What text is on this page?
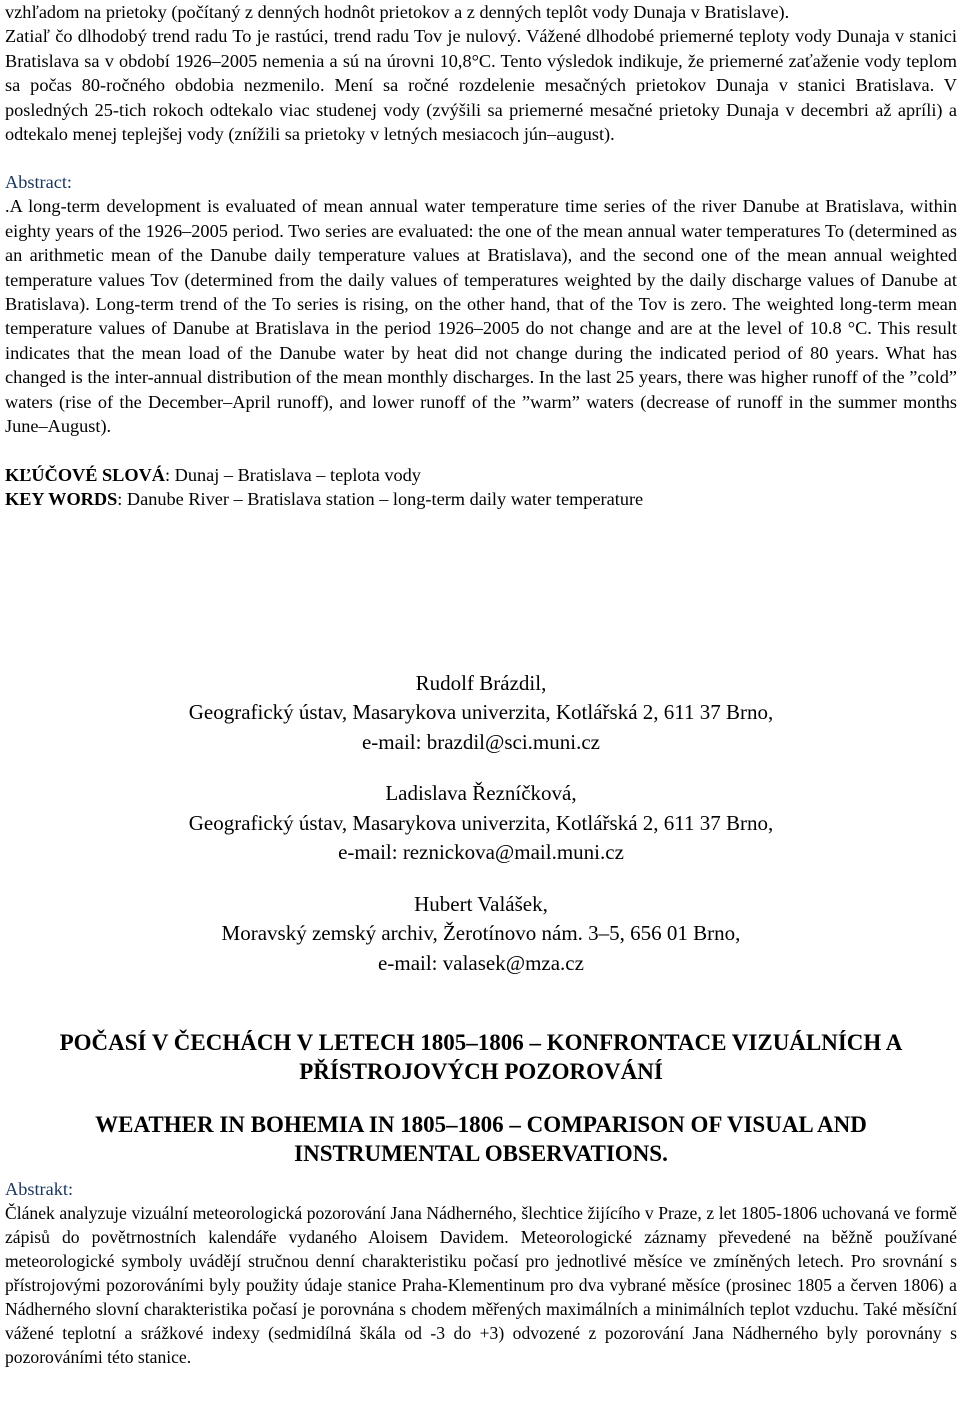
vzhľadom na prietoky (počítaný z denných hodnôt prietokov a z denných teplôt vody Dunaja v Bratislave).

Zatiaľ čo dlhodobý trend radu To je rastúci, trend radu Tov je nulový. Vážené dlhodobé priemerné teploty vody Dunaja v stanici Bratislava sa v období 1926–2005 nemenia a sú na úrovni 10,8°C. Tento výsledok indikuje, že priemerné zaťaženie vody teplom sa počas 80-ročného obdobia nezmenilo. Mení sa ročné rozdelenie mesačných prietokov Dunaja v stanici Bratislava. V posledných 25-tich rokoch odtekalo viac studenej vody (zvýšili sa priemerné mesačné prietoky Dunaja v decembri až apríli) a odtekalo menej teplejšej vody (znížili sa prietoky v letných mesiacoch jún–august).

Abstract:

.A long-term development is evaluated of mean annual water temperature time series of the river Danube at Bratislava, within eighty years of the 1926–2005 period. Two series are evaluated: the one of the mean annual water temperatures To (determined as an arithmetic mean of the Danube daily temperature values at Bratislava), and the second one of the mean annual weighted temperature values Tov (determined from the daily values of temperatures weighted by the daily discharge values of Danube at Bratislava). Long-term trend of the To series is rising, on the other hand, that of the Tov is zero. The weighted long-term mean temperature values of Danube at Bratislava in the period 1926–2005 do not change and are at the level of 10.8 °C. This result indicates that the mean load of the Danube water by heat did not change during the indicated period of 80 years. What has changed is the inter-annual distribution of the mean monthly discharges. In the last 25 years, there was higher runoff of the ”cold” waters (rise of the December–April runoff), and lower runoff of the ”warm” waters (decrease of runoff in the summer months June–August).

KĽÚČOVÉ SLOVÁ: Dunaj – Bratislava – teplota vody

KEY WORDS: Danube River – Bratislava station – long-term daily water temperature

Rudolf Brázdil,

Geografický ústav, Masarykova univerzita, Kotlářská 2, 611 37 Brno,

e-mail: brazdil@sci.muni.cz

Ladislava Řezníčková,

Geografický ústav, Masarykova univerzita, Kotlářská 2, 611 37 Brno,

e-mail: reznickova@mail.muni.cz

Hubert Valášek,

Moravský zemský archiv, Žerotínovo nám. 3–5, 656 01 Brno,

e-mail: valasek@mza.cz

POČASÍ V ČECHÁCH V LETECH 1805–1806 – KONFRONTACE VIZUÁLNÍCH A PŘÍSTROJOVÝCH POZOROVÁNÍ

WEATHER IN BOHEMIA IN 1805–1806 – COMPARISON OF VISUAL AND INSTRUMENTAL OBSERVATIONS.

Abstrakt:

Článek analyzuje vizuální meteorologická pozorování Jana Nádherného, šlechtice žijícího v Praze, z let 1805-1806 uchovaná ve formě zápisů do povětrnostních kalendáře vydaného Aloisem Davidem. Meteorologické záznamy převedené na běžně používané meteorologické symboly uvádějí stručnou denní charakteristiku počasí pro jednotlivé měsíce ve zmíněných letech. Pro srovnání s přístrojovými pozorováními byly použity údaje stanice Praha-Klementinum pro dva vybrané měsíce (prosinec 1805 a červen 1806) a Nádherného slovní charakteristika počasí je porovnána s chodem měřených maximálních a minimálních teplot vzduchu. Také měsíční vážené teplotní a srážkové indexy (sedmidílná škála od -3 do +3) odvozené z pozorování Jana Nádherného byly porovnány s pozorováními této stanice.
